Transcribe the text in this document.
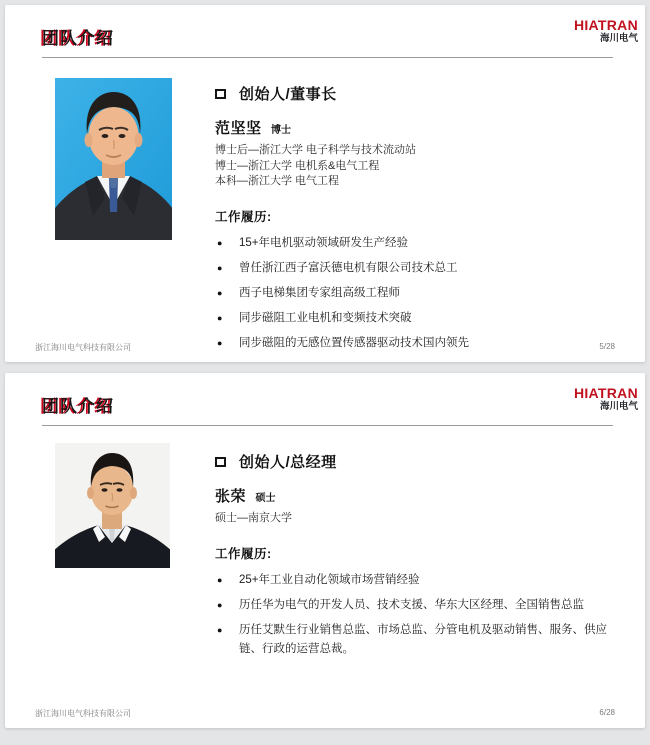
团队介绍
HIATRAN
海川电气
创始人/董事长
范坚坚 博士
博士后—浙江大学 电子科学与技术流动站
博士—浙江大学 电机系&电气工程
本科—浙江大学 电气工程
工作履历:
● 15+年电机驱动领域研发生产经验
● 曾任浙江西子富沃德电机有限公司技术总工
● 西子电梯集团专家组高级工程师
● 同步磁阻工业电机和变频技术突破
● 同步磁阻的无感位置传感器驱动技术国内领先
浙江海川电气科技有限公司	5/28
团队介绍
HIATRAN
海川电气
创始人/总经理
张荣 硕士
硕士—南京大学
工作履历:
● 25+年工业自动化领域市场营销经验
● 历任华为电气的开发人员、技术支援、华东大区经理、全国销售总监
● 历任艾默生行业销售总监、市场总监、分管电机及驱动销售、服务、供应链、行政的运营总裁。
浙江海川电气科技有限公司	6/28
